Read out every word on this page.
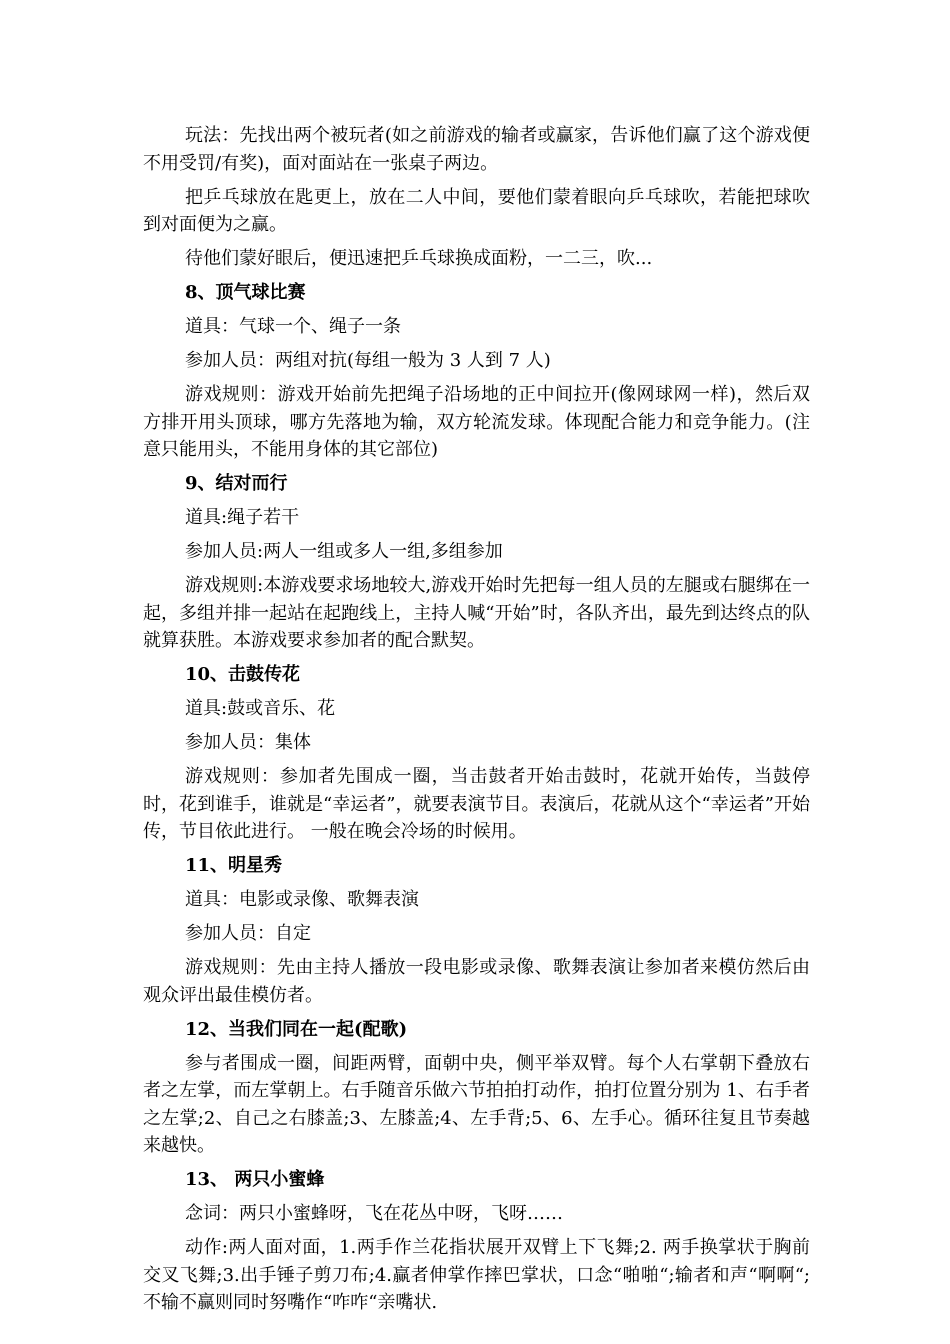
玩法：先找出两个被玩者(如之前游戏的输者或赢家，告诉他们赢了这个游戏便不用受罚/有奖)，面对面站在一张桌子两边。

把乒乓球放在匙更上，放在二人中间，要他们蒙着眼向乒乓球吹，若能把球吹到对面便为之赢。

待他们蒙好眼后，便迅速把乒乓球换成面粉，一二三，吹...

8、顶气球比赛

道具：气球一个、绳子一条

参加人员：两组对抗(每组一般为 3 人到 7 人)

游戏规则：游戏开始前先把绳子沿场地的正中间拉开(像网球网一样)，然后双方排开用头顶球，哪方先落地为输，双方轮流发球。体现配合能力和竞争能力。(注意只能用头，不能用身体的其它部位)

9、结对而行

道具:绳子若干

参加人员:两人一组或多人一组,多组参加

游戏规则:本游戏要求场地较大,游戏开始时先把每一组人员的左腿或右腿绑在一起，多组并排一起站在起跑线上，主持人喊“开始”时，各队齐出，最先到达终点的队就算获胜。本游戏要求参加者的配合默契。

10、击鼓传花

道具:鼓或音乐、花

参加人员：集体

游戏规则：参加者先围成一圈，当击鼓者开始击鼓时，花就开始传，当鼓停时，花到谁手，谁就是“幸运者”，就要表演节目。表演后，花就从这个“幸运者”开始传，节目依此进行。 一般在晚会冷场的时候用。

11、明星秀

道具：电影或录像、歌舞表演

参加人员：自定

游戏规则：先由主持人播放一段电影或录像、歌舞表演让参加者来模仿然后由观众评出最佳模仿者。

12、当我们同在一起(配歌)

参与者围成一圈，间距两臂，面朝中央，侧平举双臂。每个人右掌朝下叠放右者之左掌，而左掌朝上。右手随音乐做六节拍拍打动作，拍打位置分别为 1、右手者之左掌;2、自己之右膝盖;3、左膝盖;4、左手背;5、6、左手心。循环往复且节奏越来越快。

13、 两只小蜜蜂

念词：两只小蜜蜂呀，飞在花丛中呀，飞呀……

动作:两人面对面，1.两手作兰花指状展开双臂上下飞舞;2. 两手换掌状于胸前交叉飞舞;3.出手锤子剪刀布;4.赢者伸掌作摔巴掌状，口念“啪啪“;输者和声“啊啊“;不输不赢则同时努嘴作“咋咋“亲嘴状.
